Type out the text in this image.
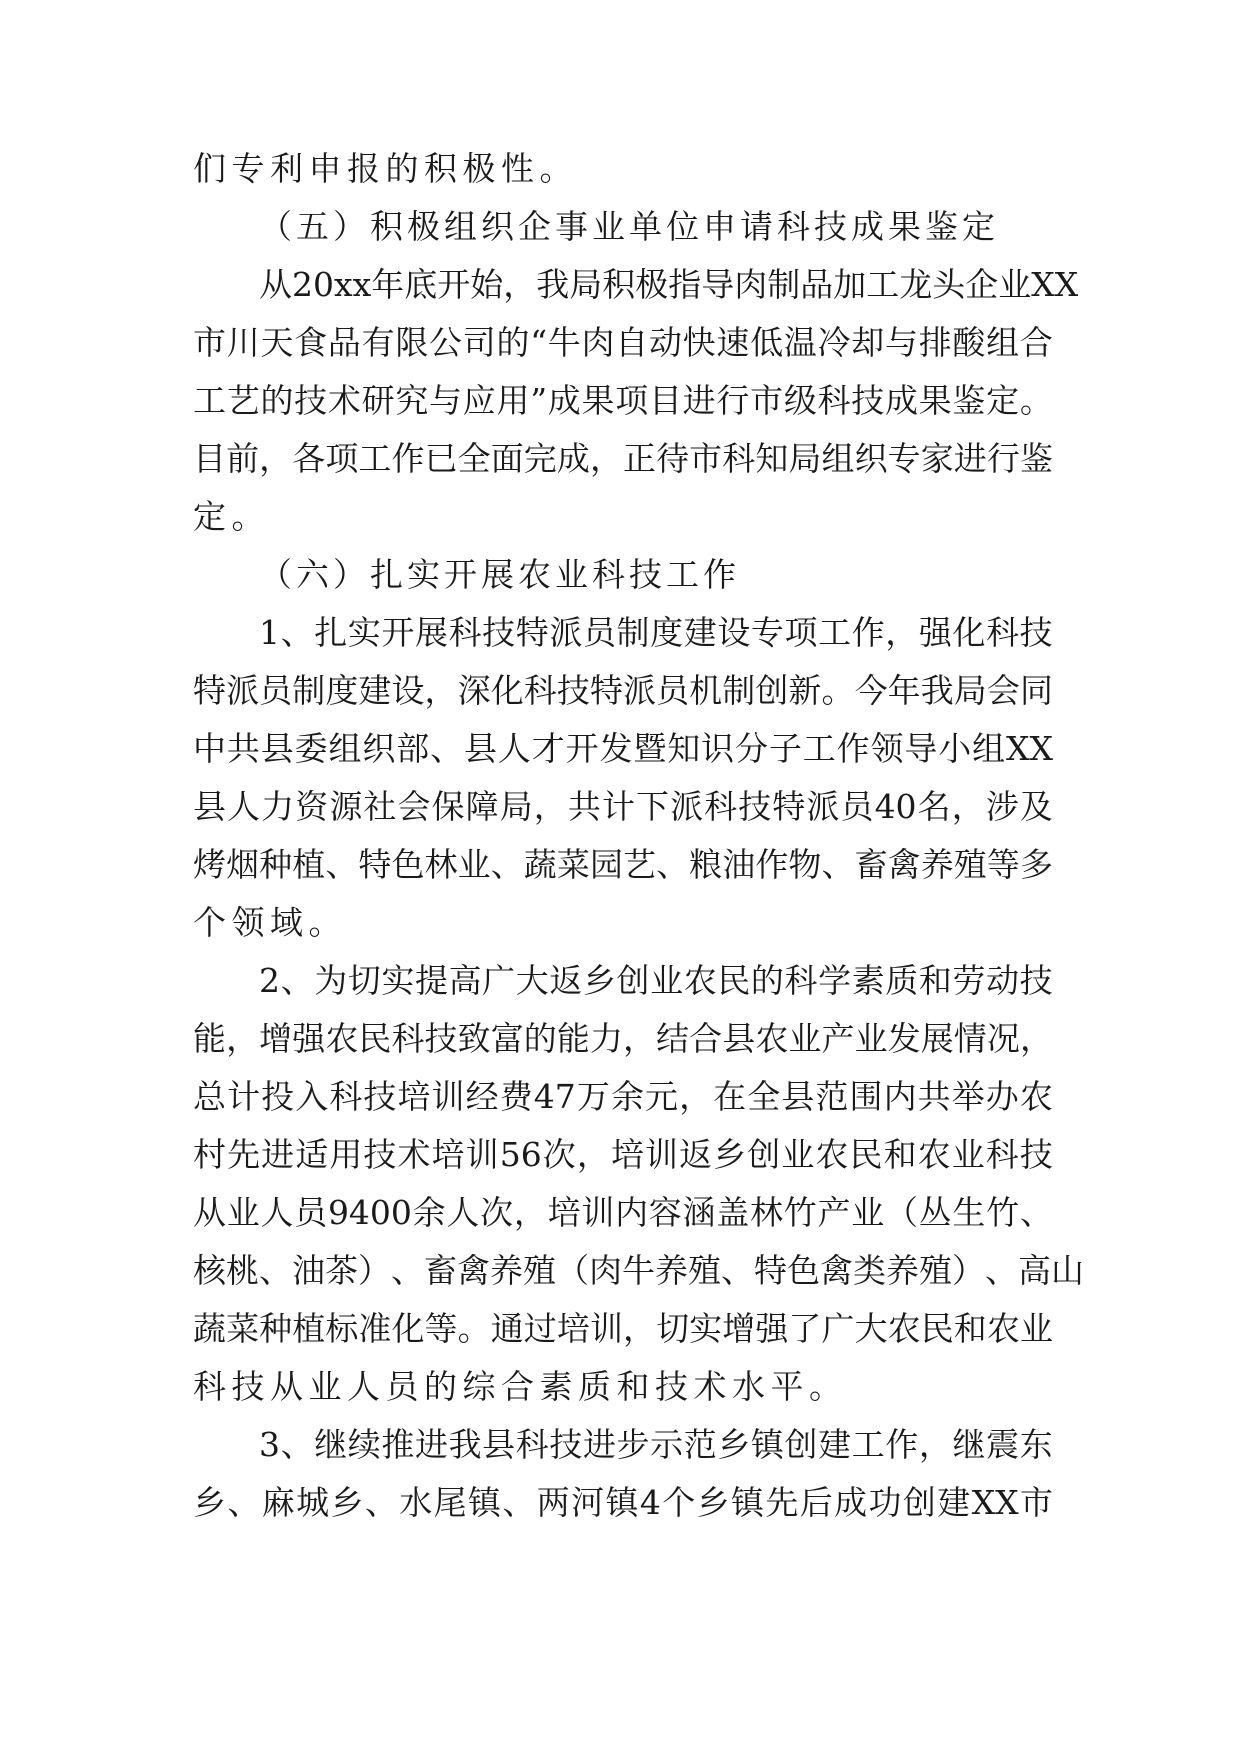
们专利申报的积极性。
（五）积极组织企事业单位申请科技成果鉴定
从 20xx 年 底 开 始 ， 我 局 积 极 指 导 肉 制 品 加 工 龙 头 企 业 XX
市 川 天 食 品 有 限 公 司 的 “ 牛 肉 自 动 快 速 低 温 冷 却 与 排 酸 组 合
工 艺 的 技 术 研 究 与 应 用 ” 成 果 项 目 进 行 市 级 科 技 成 果 鉴 定 。
目 前 ， 各 项 工 作 已 全 面 完 成 ， 正 待 市 科 知 局 组 织 专 家 进 行 鉴
定。
（六）扎实开展农业科技工作
1 、 扎 实 开 展 科 技 特 派 员 制 度 建 设 专 项 工 作 ， 强 化 科 技
特 派 员 制 度 建 设 ， 深 化 科 技 特 派 员 机 制 创 新 。 今 年 我 局 会 同
中 共 县 委 组 织 部 、 县 人 才 开 发 暨 知 识 分 子 工 作 领 导 小 组 XX
县 人 力 资 源 社 会 保 障 局 ， 共 计 下 派 科 技 特 派 员 40 名 ， 涉 及
烤 烟 种 植 、 特 色 林 业 、 蔬 菜 园 艺 、 粮 油 作 物 、 畜 禽 养 殖 等 多
个领域。
2 、 为 切 实 提 高 广 大 返 乡 创 业 农 民 的 科 学 素 质 和 劳 动 技
能 ， 增 强 农 民 科 技 致 富 的 能 力 ， 结 合 县 农 业 产 业 发 展 情 况 ，
总 计 投 入 科 技 培 训 经 费 47 万 余 元 ， 在 全 县 范 围 内 共 举 办 农
村 先 进 适 用 技 术 培 训 56 次 ， 培 训 返 乡 创 业 农 民 和 农 业 科 技
从 业 人 员 9400 余 人 次 ， 培 训 内 容 涵 盖 林 竹 产 业 （ 丛 生 竹 、
核 桃 、 油 茶 ） 、 畜 禽 养 殖 （ 肉 牛 养 殖 、 特 色 禽 类 养 殖 ） 、 高 山
蔬 菜 种 植 标 准 化 等 。 通 过 培 训 ， 切 实 增 强 了 广 大 农 民 和 农 业
科技从业人员的综合素质和技术水平。
3 、 继 续 推 进 我 县 科 技 进 步 示 范 乡 镇 创 建 工 作 ， 继 震 东
乡 、 麻 城 乡 、 水 尾 镇 、 两 河 镇 4 个 乡 镇 先 后 成 功 创 建 XX 市
